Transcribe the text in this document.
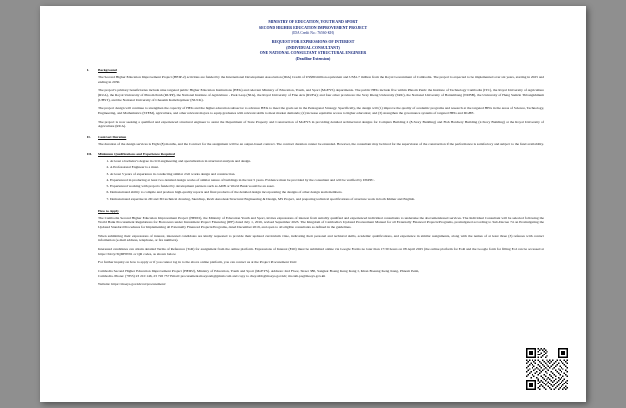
MINISTRY OF EDUCATION, YOUTH AND SPORT
SECOND HIGHER EDUCATION IMPROVEMENT PROJECT
(IDA Credit No.: 76560-KH)
REQUEST FOR EXPRESSIONS OF INTEREST
(INDIVIDUAL CONSULTANT)
ONE NATIONAL CONSULTANT STRUCTURAL ENGINEER
(Deadline Extension)
I.	Background

The Second Higher Education Improvement Project (HEIP-2) activities are funded by the International Development Association (IDA) Credit of US$80 million equivalent and US$1.7 million from the Royal Government of Cambodia. The project is expected to be implemented over six years, starting in 2025 and ending in 2030.

The project's primary beneficiaries include nine targeted public Higher Education Institutions (HEIs) and relevant Ministry of Education, Youth, and Sport (MoEYS) departments. The public HEIs include five within Phnom Penh: the Institute of Technology Cambodia (ITC), the Royal University of Agriculture (RUA), the Royal University of Phnom Penh (RUPP), the National Institute of Agriculture - Prek Leap (NIA), the Royal University of Fine Arts (RUFA); and four other provinces: the Svay Rieng University (SRU), the National University of Battambang (NUBB), the University of Heng Samrin Thbongkhmum (UHST), and the National University of Cheasim Kamchaymear (NUCK).

The project design will continue to strengthen the capacity of HEIs and the higher education subsector to advance HEIs to meet the goals set in the Pentagonal Strategy. Specifically, the design will (1) improve the quality of academic programs and research at the targeted HEIs in the areas of Science, Technology, Engineering, and Mathematics (STEM), agriculture, and other relevant majors to equip graduates with relevant skills to meet market demands; (2) increase equitable access to higher education; and (3) strengthen the governance systems of targeted HEIs and DGHE.

The project is now seeking a qualified and experienced structural engineer to assist the Department of State Property and Construction of MoEYS in providing detailed architectural designs for Complex Building 2 (8-Story Building) and Fish Hatchery Building (2-Story Building) at the Royal University of Agriculture (RUA).

II.	Contract Duration

The duration of the design services is Eight (8) months, and the Contract for the assignment will be an output-based contract. The contract duration cannot be extended. However, the consultant may be hired for the supervision of the construction if the performance is satisfactory and subject to the fund availability.

III.	Minimum Qualifications and Experience Required
1. At least a bachelor's degree in civil engineering and specialization in structural analysis and design.
2. A Professional Engineer is a must.
3. At least 5 years of experience in conducting similar civil works design and construction.
4. Experienced in producing at least two detailed design works of similar nature of buildings in the last 5 years. Evidence must be provided by the consultant and will be verified by DSPPC.
5. Experienced working with projects funded by development partners such as ADB or World Bank would be an asset.
6. Demonstrated ability to compile and produce high-quality reports and final products of the detailed design incorporating the designs of other design team members.
7. Demonstrated expertise in 2D and 3D technical drawing, Sketchup, Revit Autodesk Structural Engineering & Design, MS Project, and preparing technical specifications of structure work in both Khmer and English.
How to Apply

The Cambodia Second Higher Education Improvement Project (HEIP2), the Ministry of Education Youth and Sport, invites expressions of interest from suitably qualified and experienced individual consultants to undertake the abovementioned services. The Individual Consultant will be selected following the World Bank Procurement Regulations for Borrowers under Investment Project Financing (IPF) dated July 1, 2016, revised September 2023. The Kingdom of Cambodia's Updated Procurement Manual for all Externally Financed Projects/Programs, promulgated according to Sub-Decree 74 on Promulgating the Updated Standard Procedures for Implementing all Externally Financed Projects/Programs, dated December 2019, and open to all eligible consultants as defined in the guidelines.

When submitting their expressions of interest, interested candidates are kindly requested to provide their updated curriculum vitae, indicating their personal and technical skills, academic qualifications, and experience in similar assignments, along with the names of at least three (3) referees with contact information (e-mail address, telephone, or fax numbers).

Interested candidates can obtain detailed Terms of Reference (ToR) for assignment from the online platform. Expressions of Interest (EOI) must be submitted online via Google Forms no later than 17:30 hours on 08 April 2025 (the online platform for EoR and the Google form for filling EoI can be accessed at https://bit.ly/3QDHW91 or QR codes, as shown below.

For further inquiry on how to apply or if you cannot log in to the above online platform, you can contact us at the Project Procurement Unit:

Cambodia Second Higher Education Improvement Project (HEIP2), Ministry of Education, Youth and Sport (MoEYS). Address: 2nd Floor, Street 380, Sangkat Boeng Keng Kang I, Khan Boeung Keng Kang, Phnom Penh, Cambodia. Phone: (+855) 23 210 146, 23 726 757 Email: procurement.moeys.kh@gmail.com and copy to chey.sibb@moeys.gov.kh; rin.rath.pa@moeys.gov.kh

Website: https://moeys.gov.kh/cat/procurement/
